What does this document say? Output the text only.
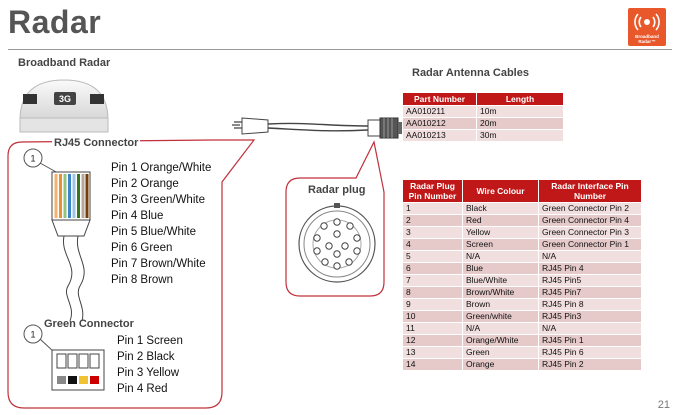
Radar	Broadband
Radar™
Broadband Radar
3G
RJ45 Connector
1
Pin 1 Orange/White
Pin 2 Orange
Pin 3 Green/White
Pin 4 Blue
Pin 5 Blue/White
Pin 6 Green
Pin 7 Brown/White
Pin 8 Brown
Green Connector
1
Pin 1 Screen
Pin 2 Black
Pin 3 Yellow
Pin 4 Red
Radar plug
Radar Antenna Cables
Part Number	Length
AA010211	10m
AA010212	20m
AA010213	30m
Radar Plug Pin Number	Wire Colour	Radar Interface Pin Number
1	Black	Green Connector Pin 2
2	Red	Green Connector Pin 4
3	Yellow	Green Connector Pin 3
4	Screen	Green Connector Pin 1
5	N/A	N/A
6	Blue	RJ45 Pin 4
7	Blue/White	RJ45 Pin5
8	Brown/White	RJ45 Pin7
9	Brown	RJ45 Pin 8
10	Green/white	RJ45 Pin3
11	N/A	N/A
12	Orange/White	RJ45 Pin 1
13	Green	RJ45 Pin 6
14	Orange	RJ45 Pin 2
21
